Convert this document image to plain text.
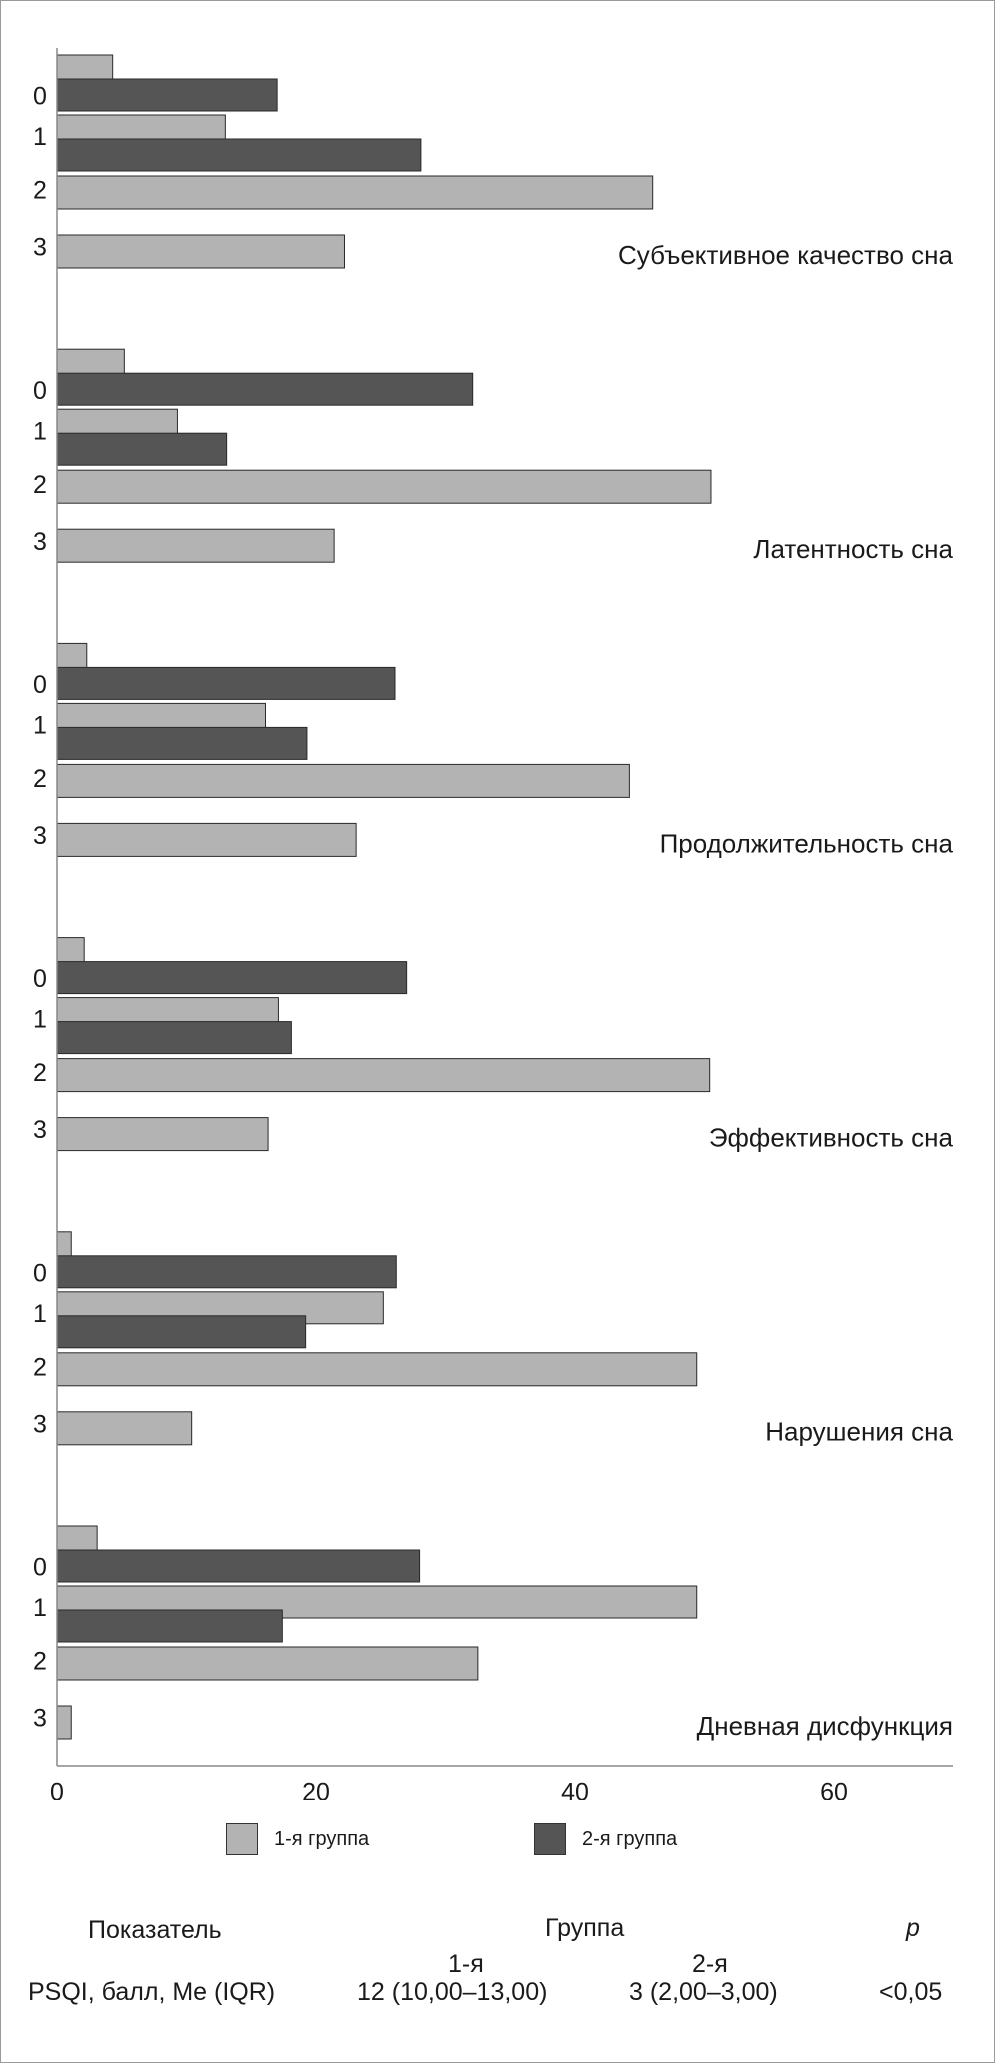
0
1
2
3	Субъективное качество сна
0
1
2
3	Латентность сна
0
1
2
3	Продолжительность сна
0
1
2
3	Эффективность сна
0
1
2
3	Нарушения сна
0
1
2
3	Дневная дисфункция
0	20	40	60
1-я группа	2-я группа
Показатель	Группа	p
1-я	2-я
PSQI, балл, Me (IQR)	12 (10,00–13,00)	3 (2,00–3,00)	<0,05
